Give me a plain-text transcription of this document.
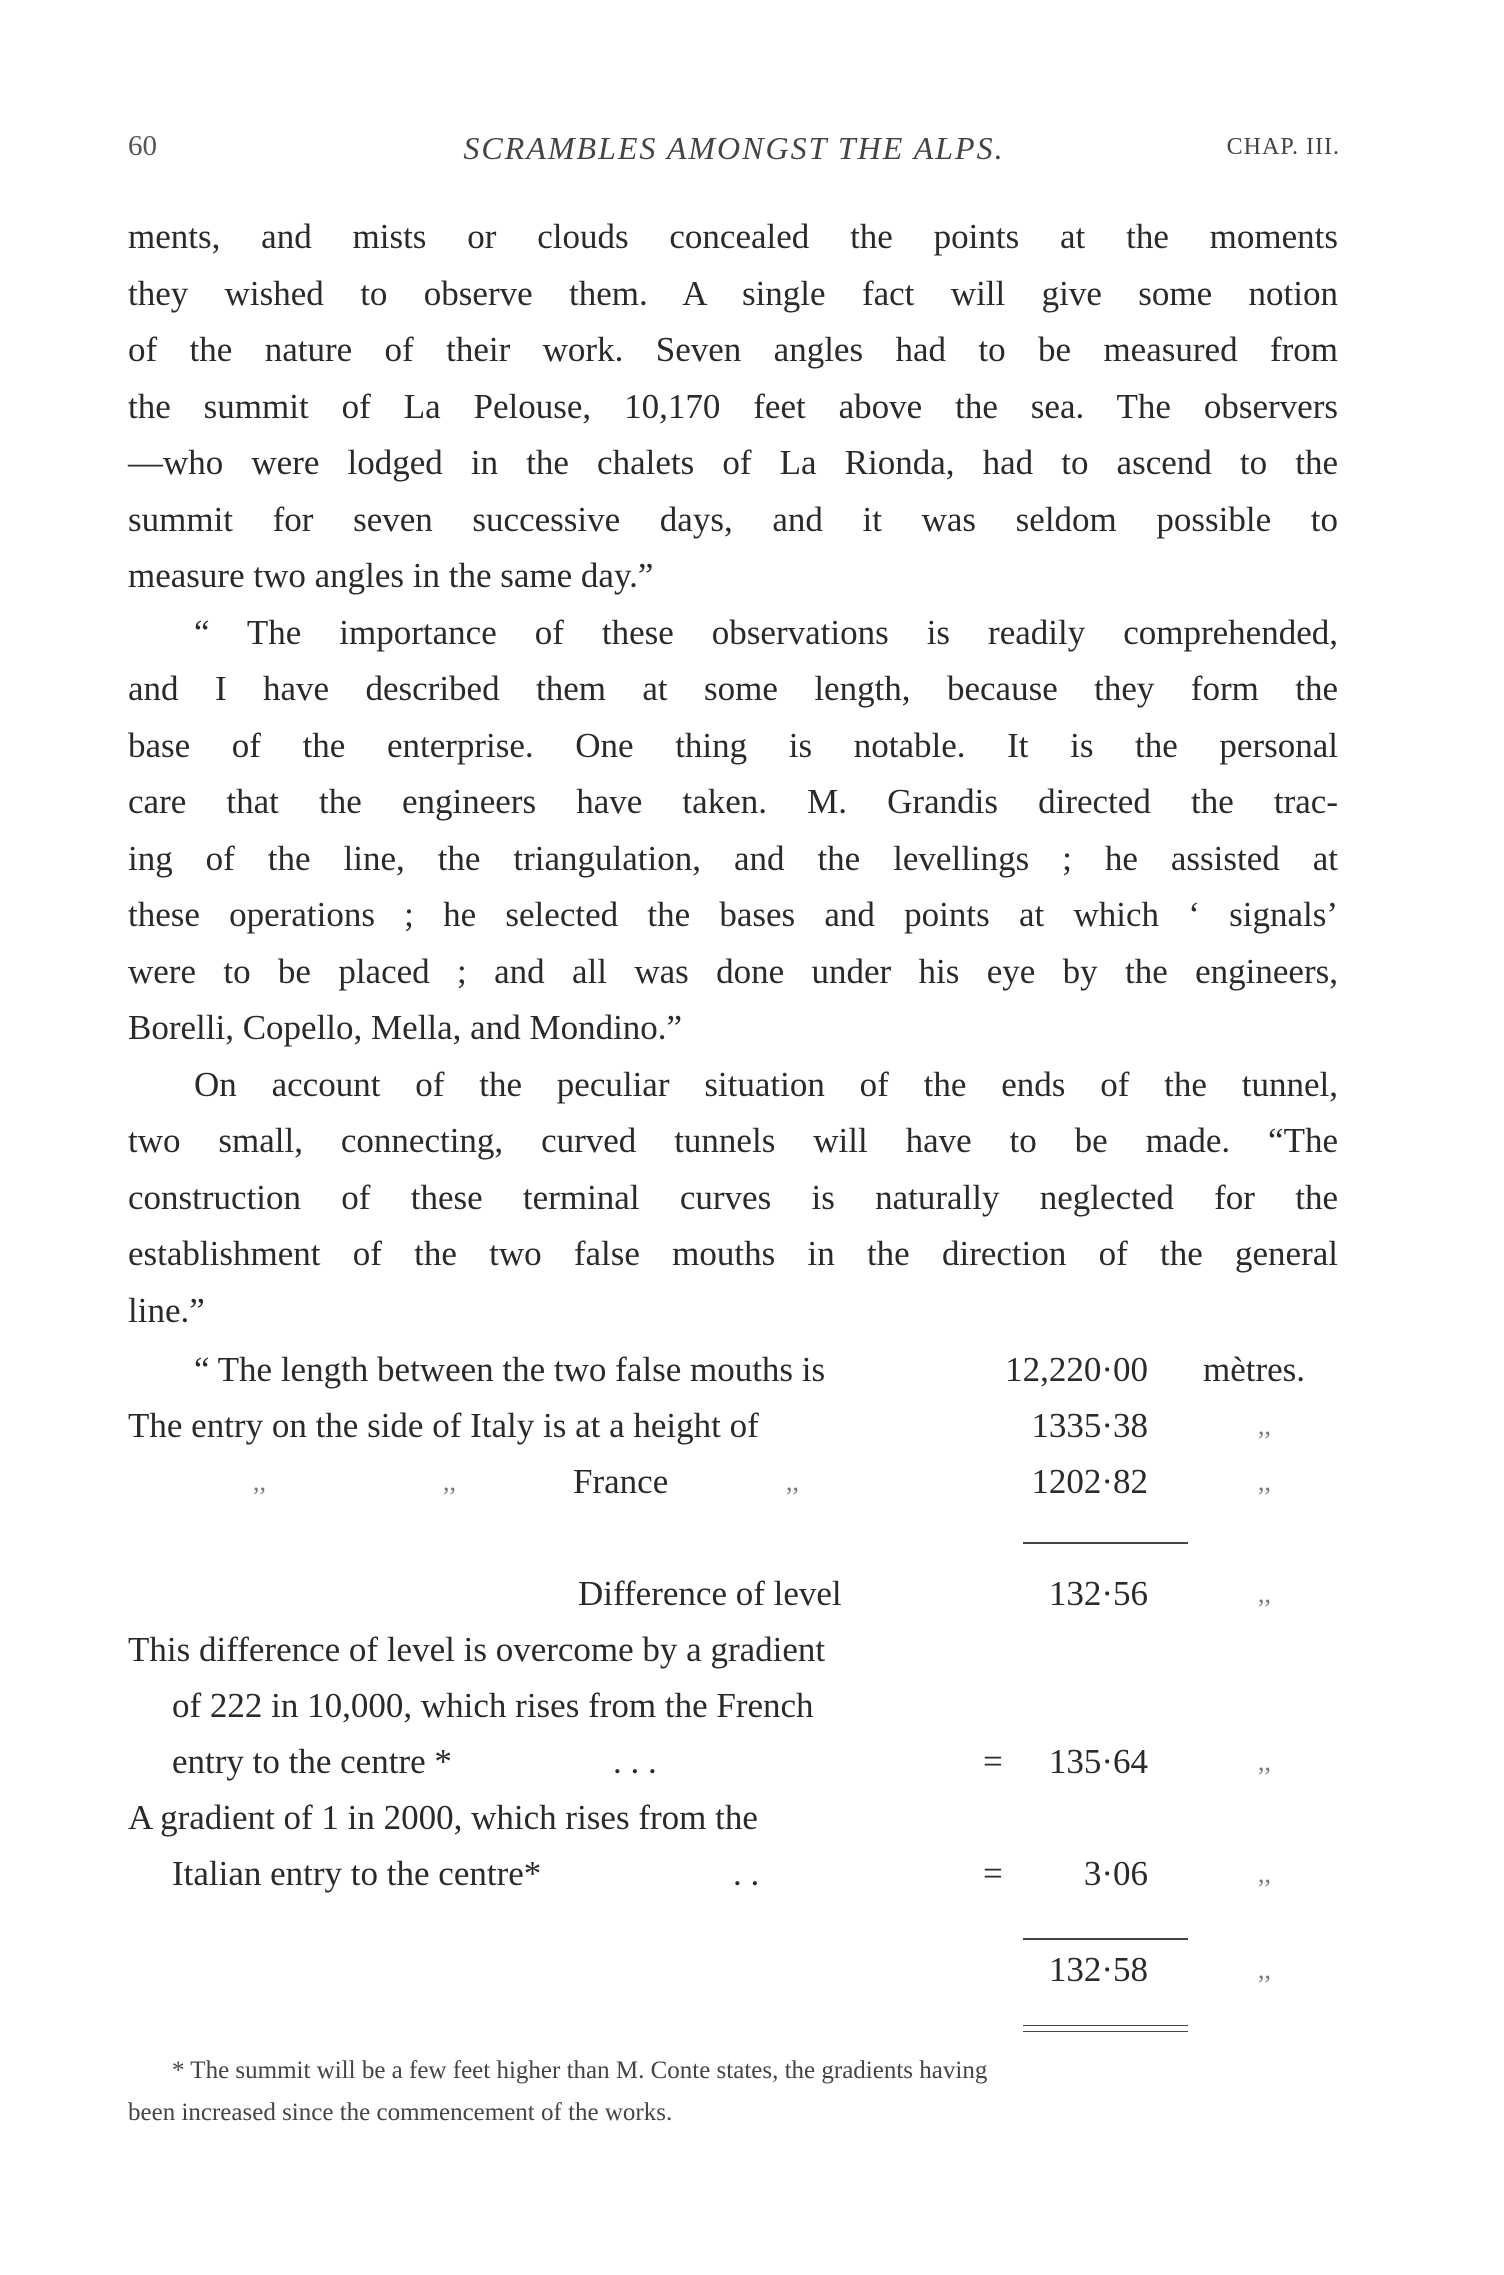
60	SCRAMBLES AMONGST THE ALPS.	CHAP. III.
ments, and mists or clouds concealed the points at the moments
they wished to observe them. A single fact will give some notion
of the nature of their work. Seven angles had to be measured from
the summit of La Pelouse, 10,170 feet above the sea. The observers
—who were lodged in the chalets of La Rionda, had to ascend to the
summit for seven successive days, and it was seldom possible to
measure two angles in the same day.”
“ The importance of these observations is readily comprehended,
and I have described them at some length, because they form the
base of the enterprise. One thing is notable. It is the personal
care that the engineers have taken. M. Grandis directed the trac-
ing of the line, the triangulation, and the levellings ; he assisted at
these operations ; he selected the bases and points at which ‘ signals’
were to be placed ; and all was done under his eye by the engineers,
Borelli, Copello, Mella, and Mondino.”
On account of the peculiar situation of the ends of the tunnel,
two small, connecting, curved tunnels will have to be made. “The
construction of these terminal curves is naturally neglected for the
establishment of the two false mouths in the direction of the general
line.”
“ The length between the two false mouths is	12,220·00 mètres.
The entry on the side of Italy is at a height of	1335·38	,,
,,	,,	France	,,	1202·82	,,
Difference of level	132·56	,,
This difference of level is overcome by a gradient
of 222 in 10,000, which rises from the French
entry to the centre *	. . .	=	135·64	,,
A gradient of 1 in 2000, which rises from the
Italian entry to the centre*	. .	=	3·06	,,
132·58	,,
* The summit will be a few feet higher than M. Conte states, the gradients having
been increased since the commencement of the works.
